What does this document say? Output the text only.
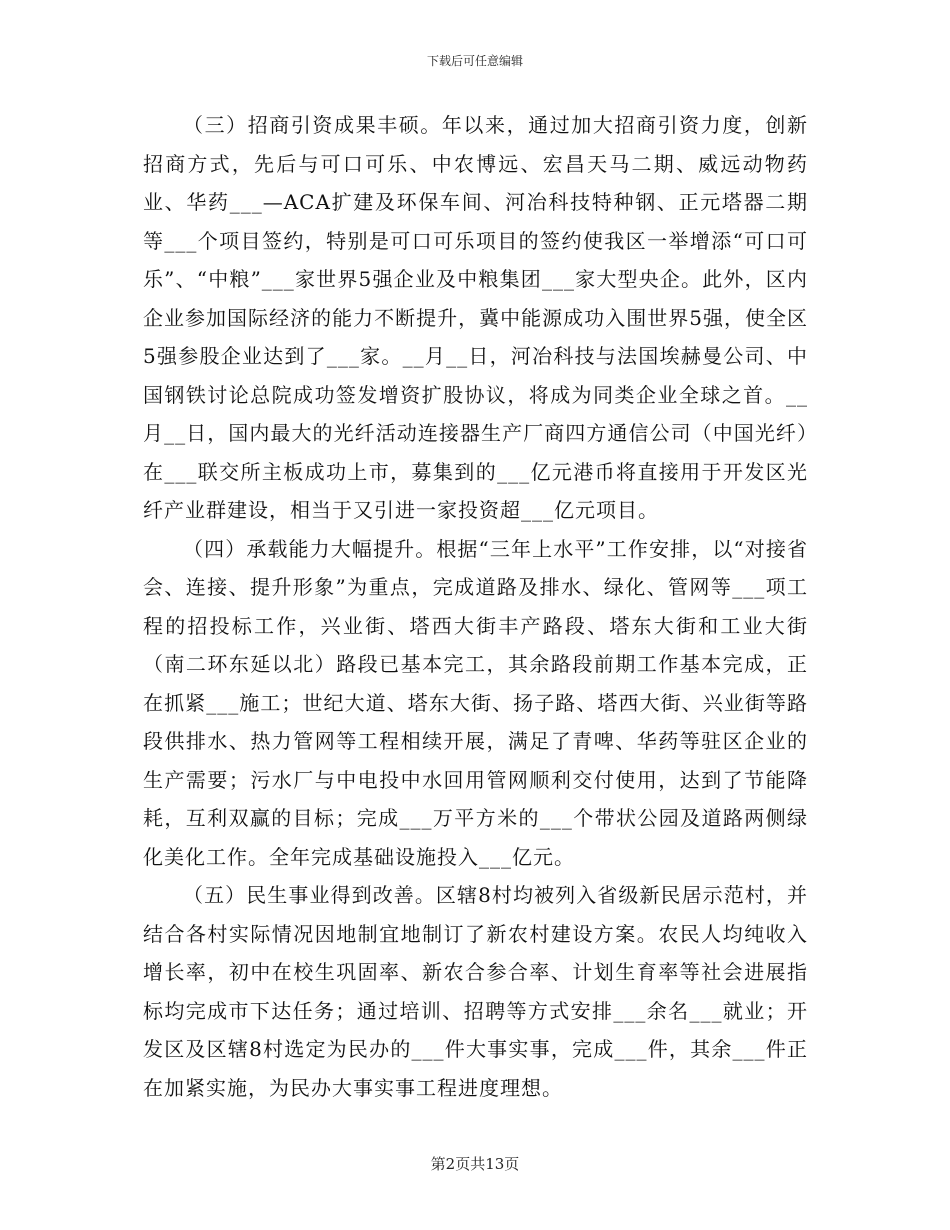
下载后可任意编辑

（三）招商引资成果丰硕。年以来，通过加大招商引资力度，创新招商方式，先后与可口可乐、中农博远、宏昌天马二期、威远动物药业、华药___—ACA扩建及环保车间、河冶科技特种钢、正元塔器二期等___个项目签约，特别是可口可乐项目的签约使我区一举增添“可口可乐”、“中粮”___家世界5强企业及中粮集团___家大型央企。此外，区内企业参加国际经济的能力不断提升，冀中能源成功入围世界5强，使全区5强参股企业达到了___家。__月__日，河冶科技与法国埃赫曼公司、中国钢铁讨论总院成功签发增资扩股协议，将成为同类企业全球之首。__月__日，国内最大的光纤活动连接器生产厂商四方通信公司（中国光纤）在___联交所主板成功上市，募集到的___亿元港币将直接用于开发区光纤产业群建设，相当于又引进一家投资超___亿元项目。

（四）承载能力大幅提升。根据“三年上水平”工作安排，以“对接省会、连接、提升形象”为重点，完成道路及排水、绿化、管网等___项工程的招投标工作，兴业街、塔西大街丰产路段、塔东大街和工业大街（南二环东延以北）路段已基本完工，其余路段前期工作基本完成，正在抓紧___施工；世纪大道、塔东大街、扬子路、塔西大街、兴业街等路段供排水、热力管网等工程相续开展，满足了青啤、华药等驻区企业的生产需要；污水厂与中电投中水回用管网顺利交付使用，达到了节能降耗，互利双赢的目标；完成___万平方米的___个带状公园及道路两侧绿化美化工作。全年完成基础设施投入___亿元。

（五）民生事业得到改善。区辖8村均被列入省级新民居示范村，并结合各村实际情况因地制宜地制订了新农村建设方案。农民人均纯收入增长率，初中在校生巩固率、新农合参合率、计划生育率等社会进展指标均完成市下达任务；通过培训、招聘等方式安排___余名___就业；开发区及区辖8村选定为民办的___件大事实事，完成___件，其余___件正在加紧实施，为民办大事实事工程进度理想。

第2页共13页
